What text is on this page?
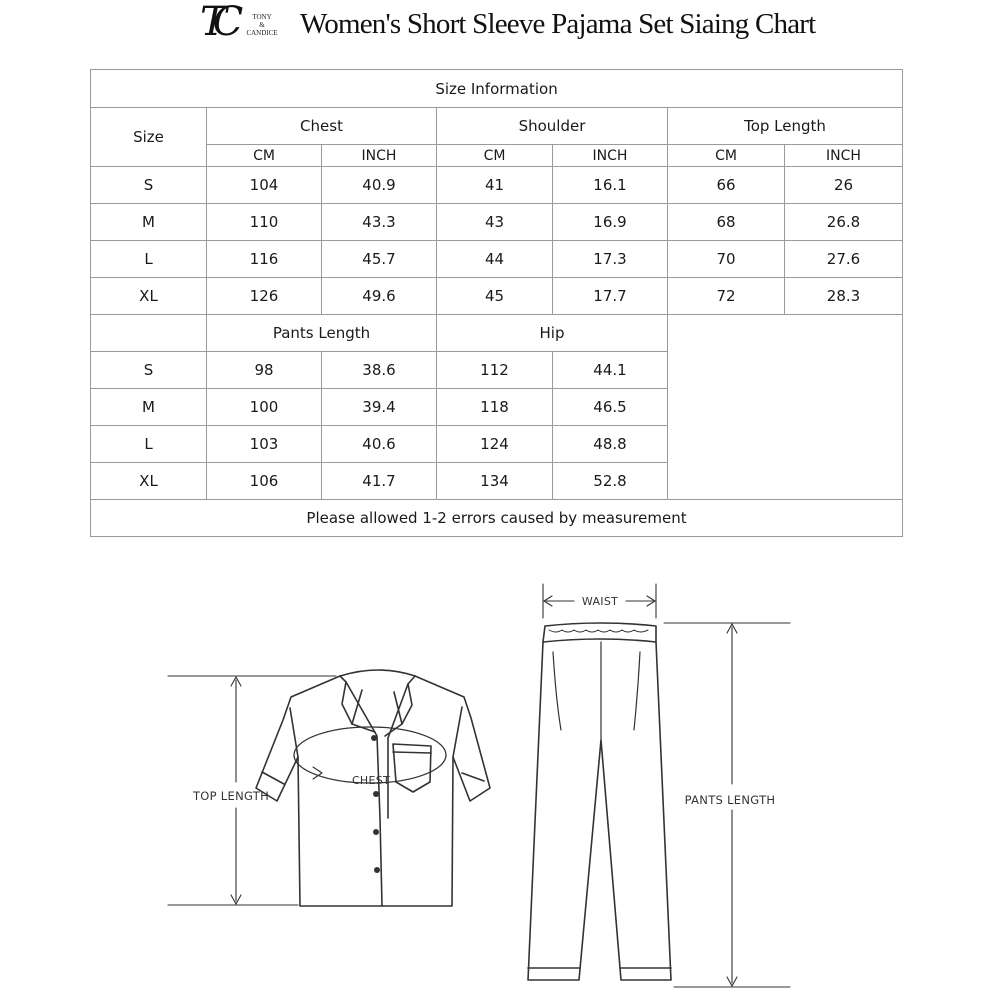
TC	TONY
&
CANDICE Women's Short Sleeve Pajama Set Siaing Chart
Size Information						
Size	Chest		Shoulder		Top Length	
	CM	INCH	CM	INCH	CM	INCH
S	104	40.9	41	16.1	66	26
M	110	43.3	43	16.9	68	26.8
L	116	45.7	44	17.3	70	27.6
XL	126	49.6	45	17.7	72	28.3
	Pants Length		Hip			
S	98	38.6	112	44.1		
M	100	39.4	118	46.5		
L	103	40.6	124	48.8		
XL	106	41.7	134	52.8		
Please allowed 1-2 errors caused by measurement						
TOP LENGTH
CHEST
WAIST
PANTS LENGTH
